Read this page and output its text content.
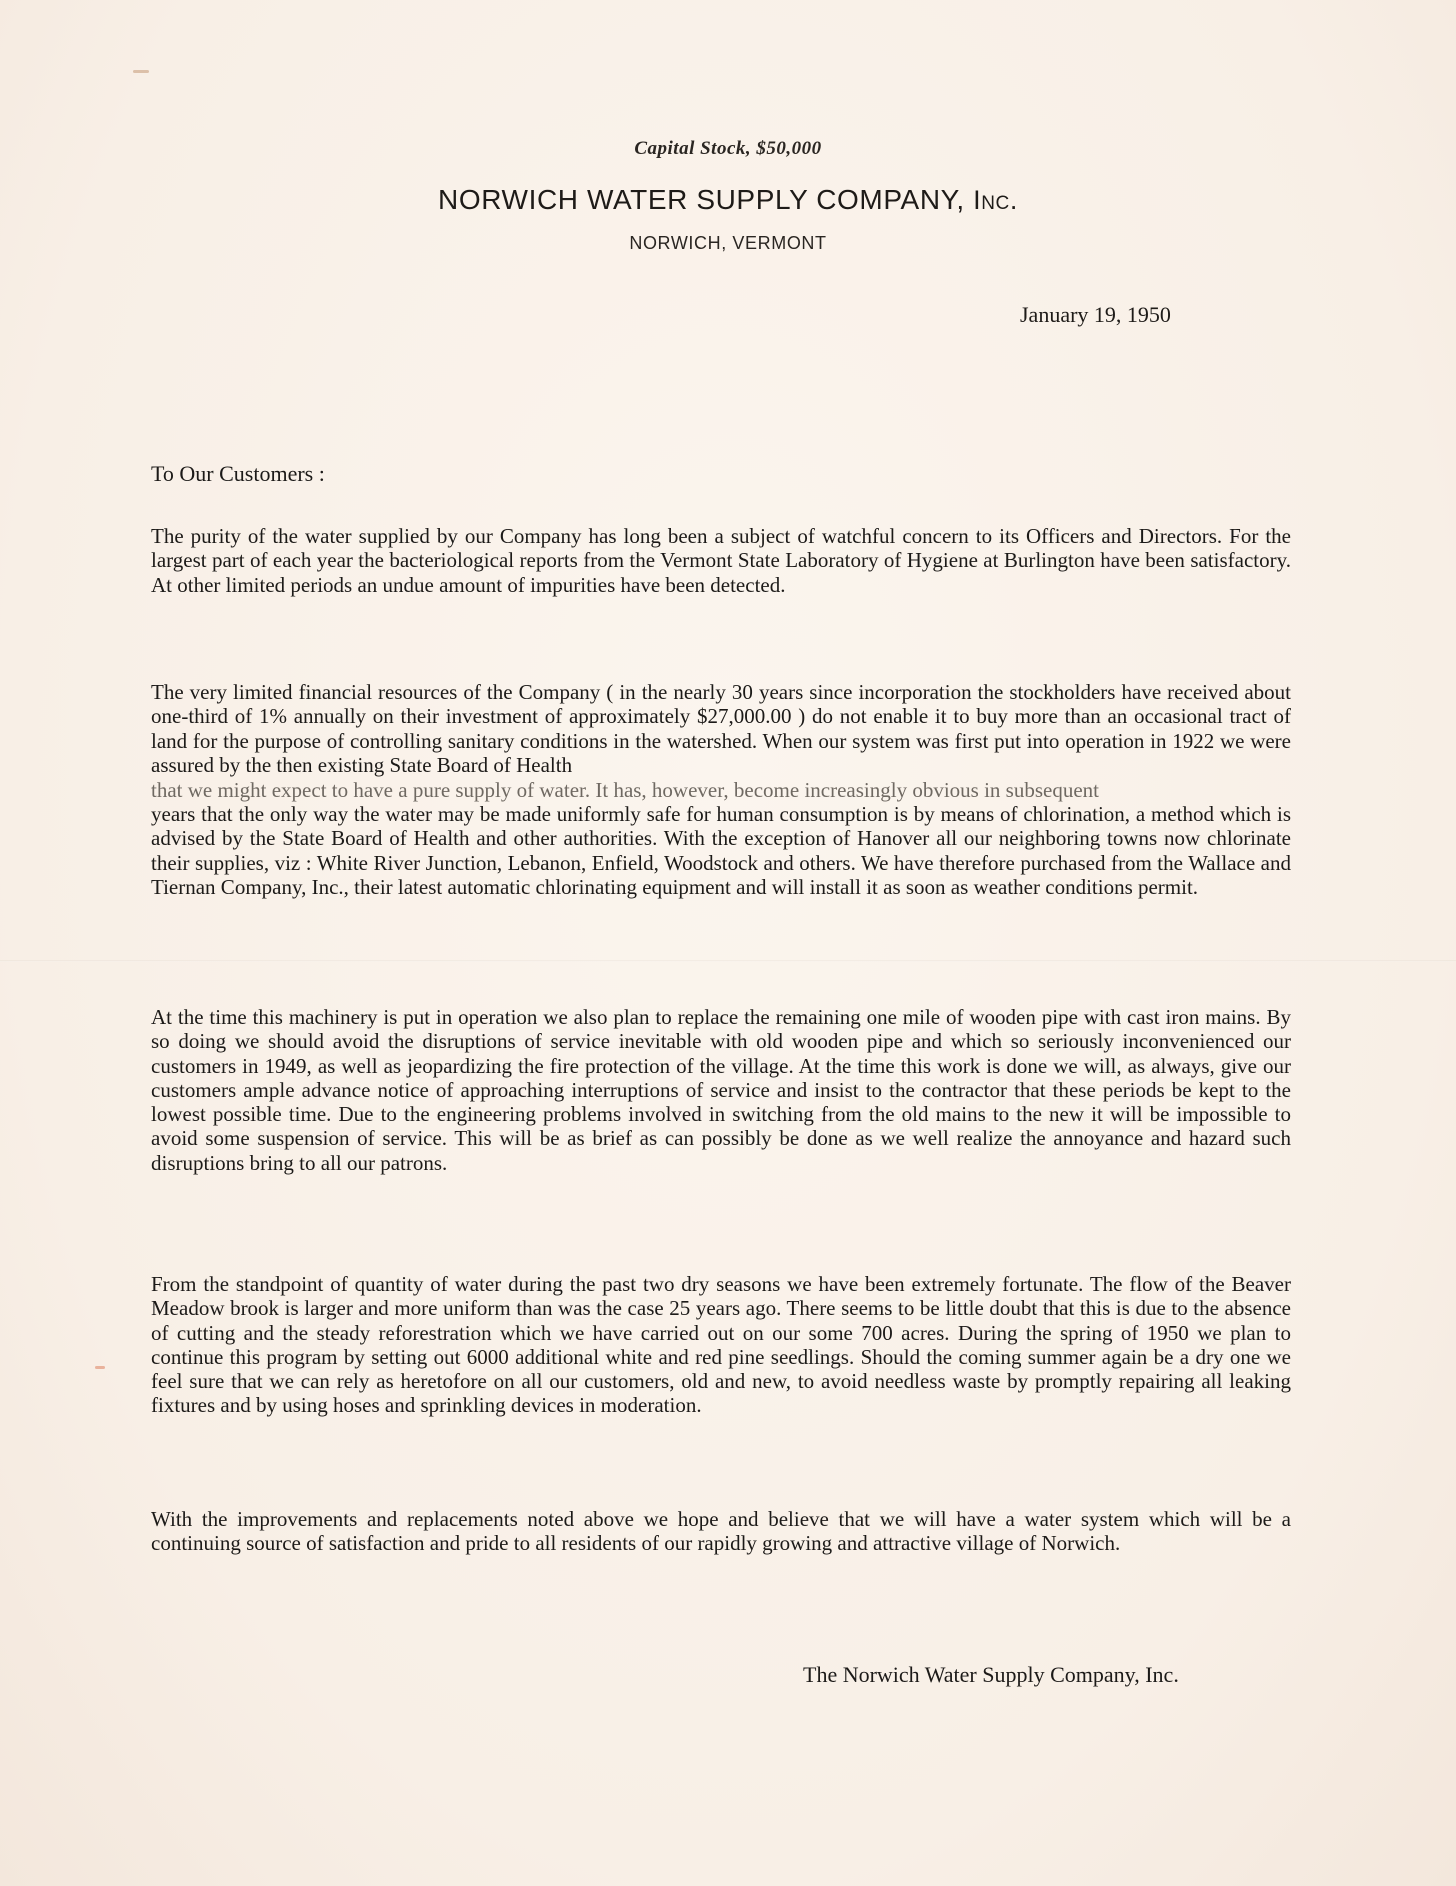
Capital Stock, $50,000
NORWICH WATER SUPPLY COMPANY, Inc.
NORWICH, VERMONT
January 19, 1950
To Our Customers :
The purity of the water supplied by our Company has long been a subject of watchful concern to its Officers and Directors. For the largest part of each year the bacteriological reports from the Vermont State Laboratory of Hygiene at Burlington have been satisfactory. At other limited periods an undue amount of impurities have been detected.
The very limited financial resources of the Company ( in the nearly 30 years since incorporation the stockholders have received about one-third of 1% annually on their investment of approximately $27,000.00 ) do not enable it to buy more than an occasional tract of land for the purpose of controlling sanitary conditions in the watershed. When our system was first put into operation in 1922 we were assured by the then existing State Board of Health
that we might expect to have a pure supply of water. It has, however, become increasingly obvious in subsequent
years that the only way the water may be made uniformly safe for human consumption is by means of chlorination, a method which is advised by the State Board of Health and other authorities. With the exception of Hanover all our neighboring towns now chlorinate their supplies, viz : White River Junction, Lebanon, Enfield, Woodstock and others. We have therefore purchased from the Wallace and Tiernan Company, Inc., their latest automatic chlorinating equipment and will install it as soon as weather conditions permit.
At the time this machinery is put in operation we also plan to replace the remaining one mile of wooden pipe with cast iron mains. By so doing we should avoid the disruptions of service inevitable with old wooden pipe and which so seriously inconvenienced our customers in 1949, as well as jeopardizing the fire protection of the village. At the time this work is done we will, as always, give our customers ample advance notice of approaching interruptions of service and insist to the contractor that these periods be kept to the lowest possible time. Due to the engineering problems involved in switching from the old mains to the new it will be impossible to avoid some suspension of service. This will be as brief as can possibly be done as we well realize the annoyance and hazard such disruptions bring to all our patrons.
From the standpoint of quantity of water during the past two dry seasons we have been extremely fortunate. The flow of the Beaver Meadow brook is larger and more uniform than was the case 25 years ago. There seems to be little doubt that this is due to the absence of cutting and the steady reforestration which we have carried out on our some 700 acres. During the spring of 1950 we plan to continue this program by setting out 6000 additional white and red pine seedlings. Should the coming summer again be a dry one we feel sure that we can rely as heretofore on all our customers, old and new, to avoid needless waste by promptly repairing all leaking fixtures and by using hoses and sprinkling devices in moderation.
With the improvements and replacements noted above we hope and believe that we will have a water system which will be a continuing source of satisfaction and pride to all residents of our rapidly growing and attractive village of Norwich.
The Norwich Water Supply Company, Inc.
